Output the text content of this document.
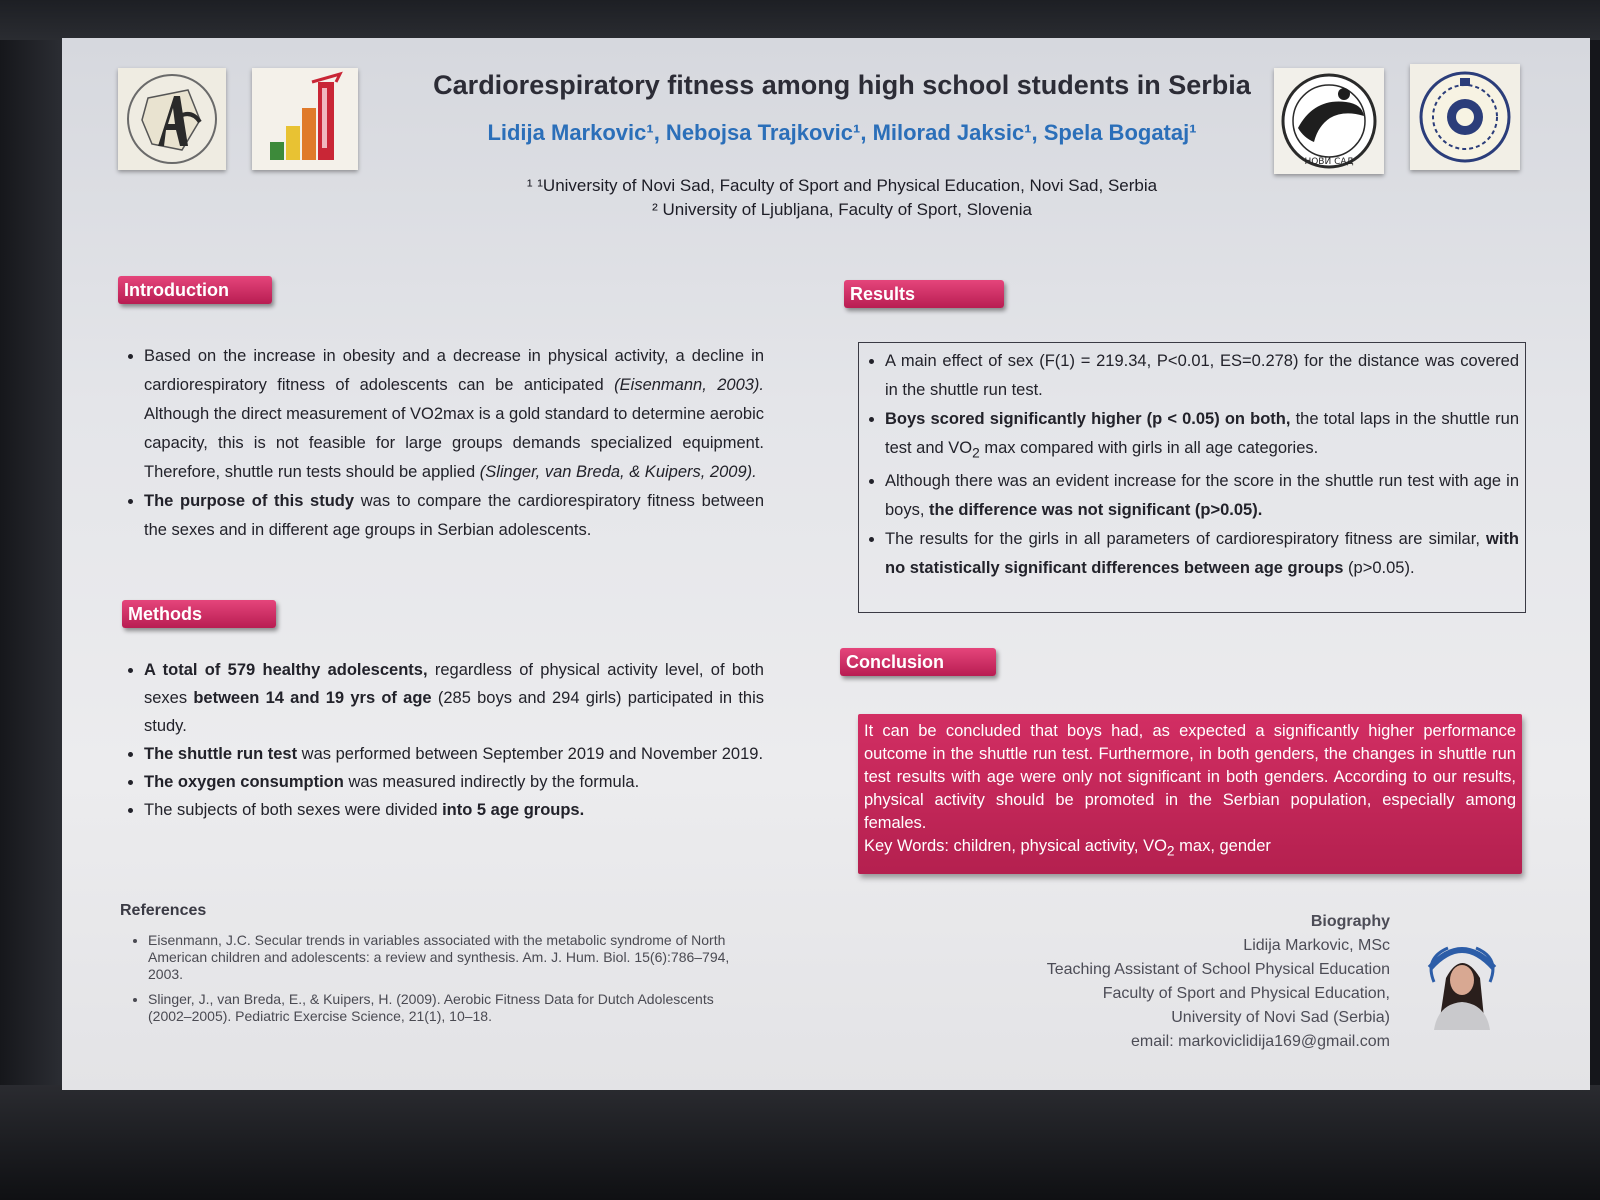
НОВИ САД
Cardiorespiratory fitness among high school students in Serbia
Lidija Markovic¹, Nebojsa Trajkovic¹, Milorad Jaksic¹, Spela Bogataj¹
¹ ¹University of Novi Sad, Faculty of Sport and Physical Education, Novi Sad, Serbia
² University of Ljubljana, Faculty of Sport, Slovenia
Introduction
• Based on the increase in obesity and a decrease in physical activity, a decline in cardiorespiratory fitness of adolescents can be anticipated (Eisenmann, 2003). Although the direct measurement of VO2max is a gold standard to determine aerobic capacity, this is not feasible for large groups demands specialized equipment. Therefore, shuttle run tests should be applied (Slinger, van Breda, & Kuipers, 2009).
• The purpose of this study was to compare the cardiorespiratory fitness between the sexes and in different age groups in Serbian adolescents.
Methods
• A total of 579 healthy adolescents, regardless of physical activity level, of both sexes between 14 and 19 yrs of age (285 boys and 294 girls) participated in this study.
• The shuttle run test was performed between September 2019 and November 2019.
• The oxygen consumption was measured indirectly by the formula.
• The subjects of both sexes were divided into 5 age groups.
Results
• A main effect of sex (F(1) = 219.34, P<0.01, ES=0.278) for the distance was covered in the shuttle run test.
• Boys scored significantly higher (p < 0.05) on both, the total laps in the shuttle run test and $VO_2$ max compared with girls in all age categories.
• Although there was an evident increase for the score in the shuttle run test with age in boys, the difference was not significant (p>0.05).
• The results for the girls in all parameters of cardiorespiratory fitness are similar, with no statistically significant differences between age groups (p>0.05).
Conclusion
It can be concluded that boys had, as expected a significantly higher performance outcome in the shuttle run test. Furthermore, in both genders, the changes in shuttle run test results with age were only not significant in both genders. According to our results, physical activity should be promoted in the Serbian population, especially among females.
Key Words: children, physical activity, $VO_2$ max, gender
References
• Eisenmann, J.C. Secular trends in variables associated with the metabolic syndrome of North American children and adolescents: a review and synthesis. Am. J. Hum. Biol. 15(6):786–794, 2003.
• Slinger, J., van Breda, E., & Kuipers, H. (2009). Aerobic Fitness Data for Dutch Adolescents (2002–2005). Pediatric Exercise Science, 21(1), 10–18.
Biography
Lidija Markovic, MSc
Teaching Assistant of School Physical Education
Faculty of Sport and Physical Education,
University of Novi Sad (Serbia)
email: markoviclidija169@gmail.com
